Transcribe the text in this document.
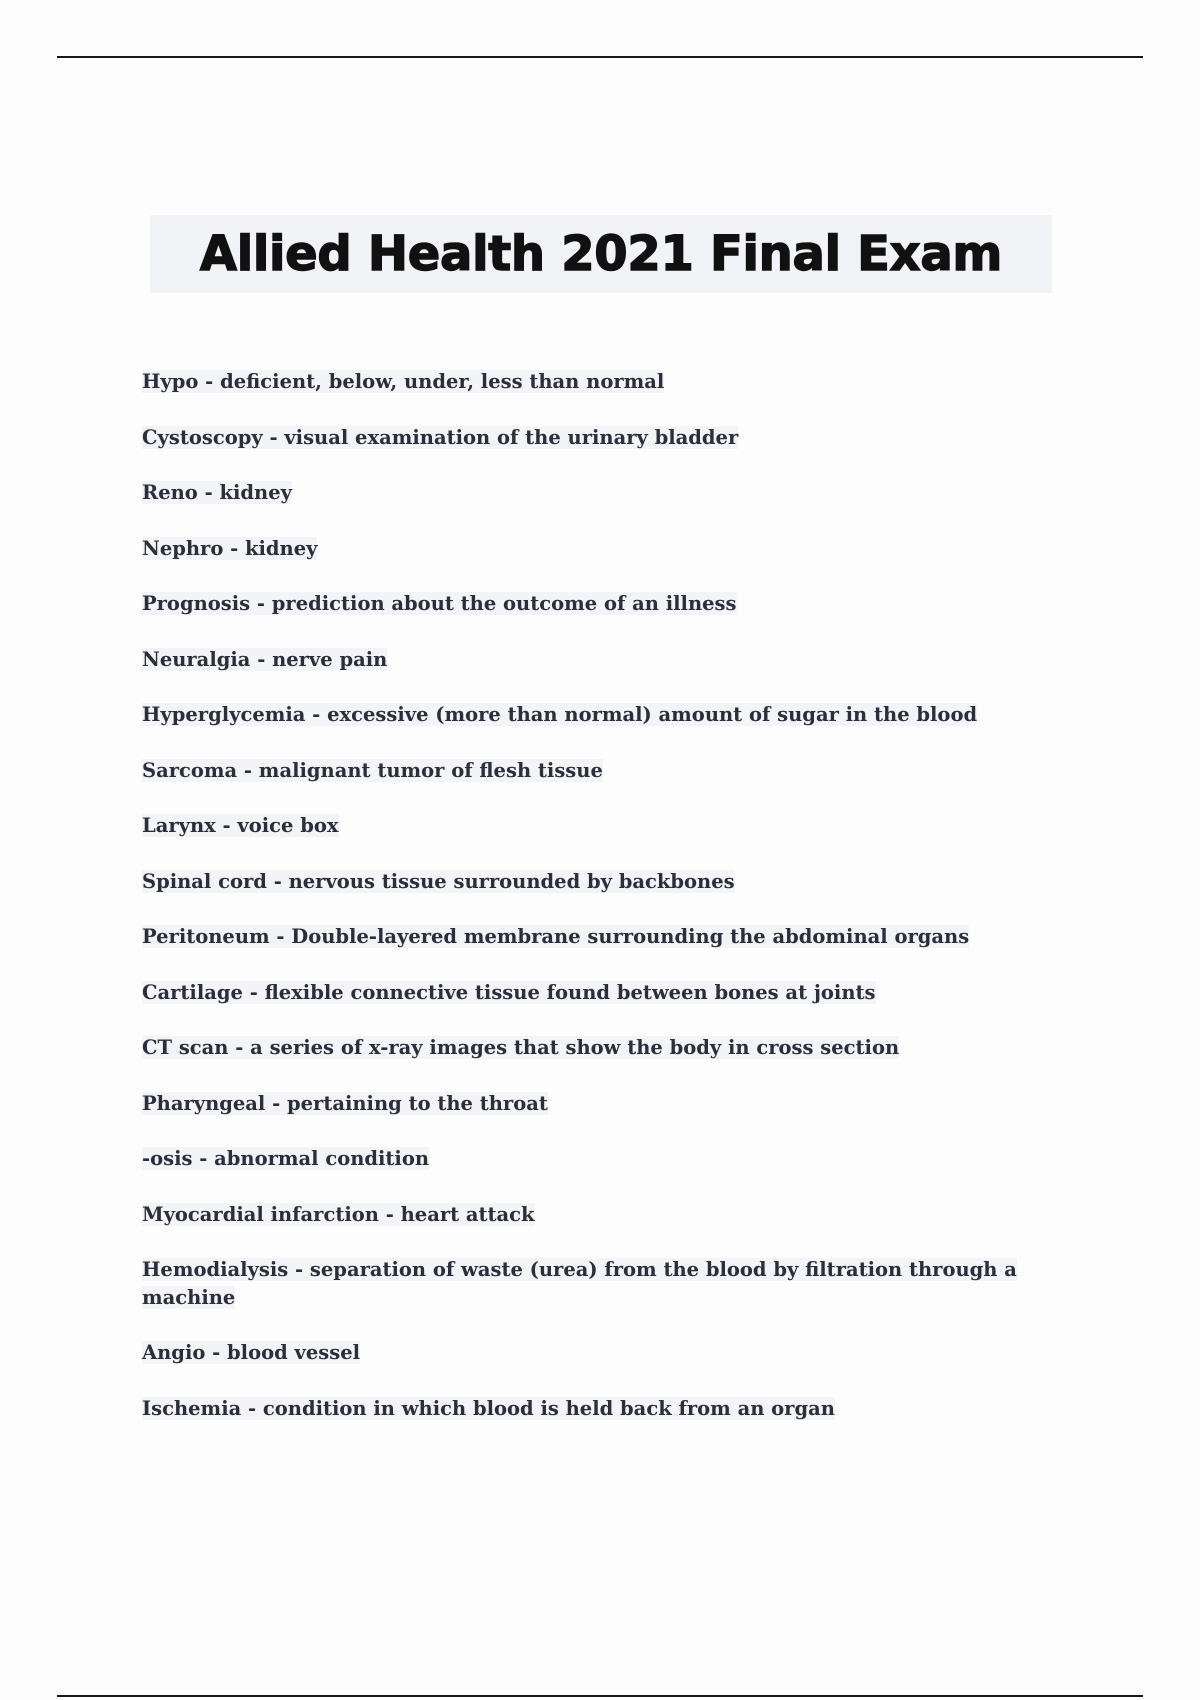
Allied Health 2021 Final Exam
Hypo - deficient, below, under, less than normal
Cystoscopy - visual examination of the urinary bladder
Reno - kidney
Nephro - kidney
Prognosis - prediction about the outcome of an illness
Neuralgia - nerve pain
Hyperglycemia - excessive (more than normal) amount of sugar in the blood
Sarcoma - malignant tumor of flesh tissue
Larynx - voice box
Spinal cord - nervous tissue surrounded by backbones
Peritoneum - Double-layered membrane surrounding the abdominal organs
Cartilage - flexible connective tissue found between bones at joints
CT scan - a series of x-ray images that show the body in cross section
Pharyngeal - pertaining to the throat
-osis - abnormal condition
Myocardial infarction - heart attack
Hemodialysis - separation of waste (urea) from the blood by filtration through a machine
Angio - blood vessel
Ischemia - condition in which blood is held back from an organ
